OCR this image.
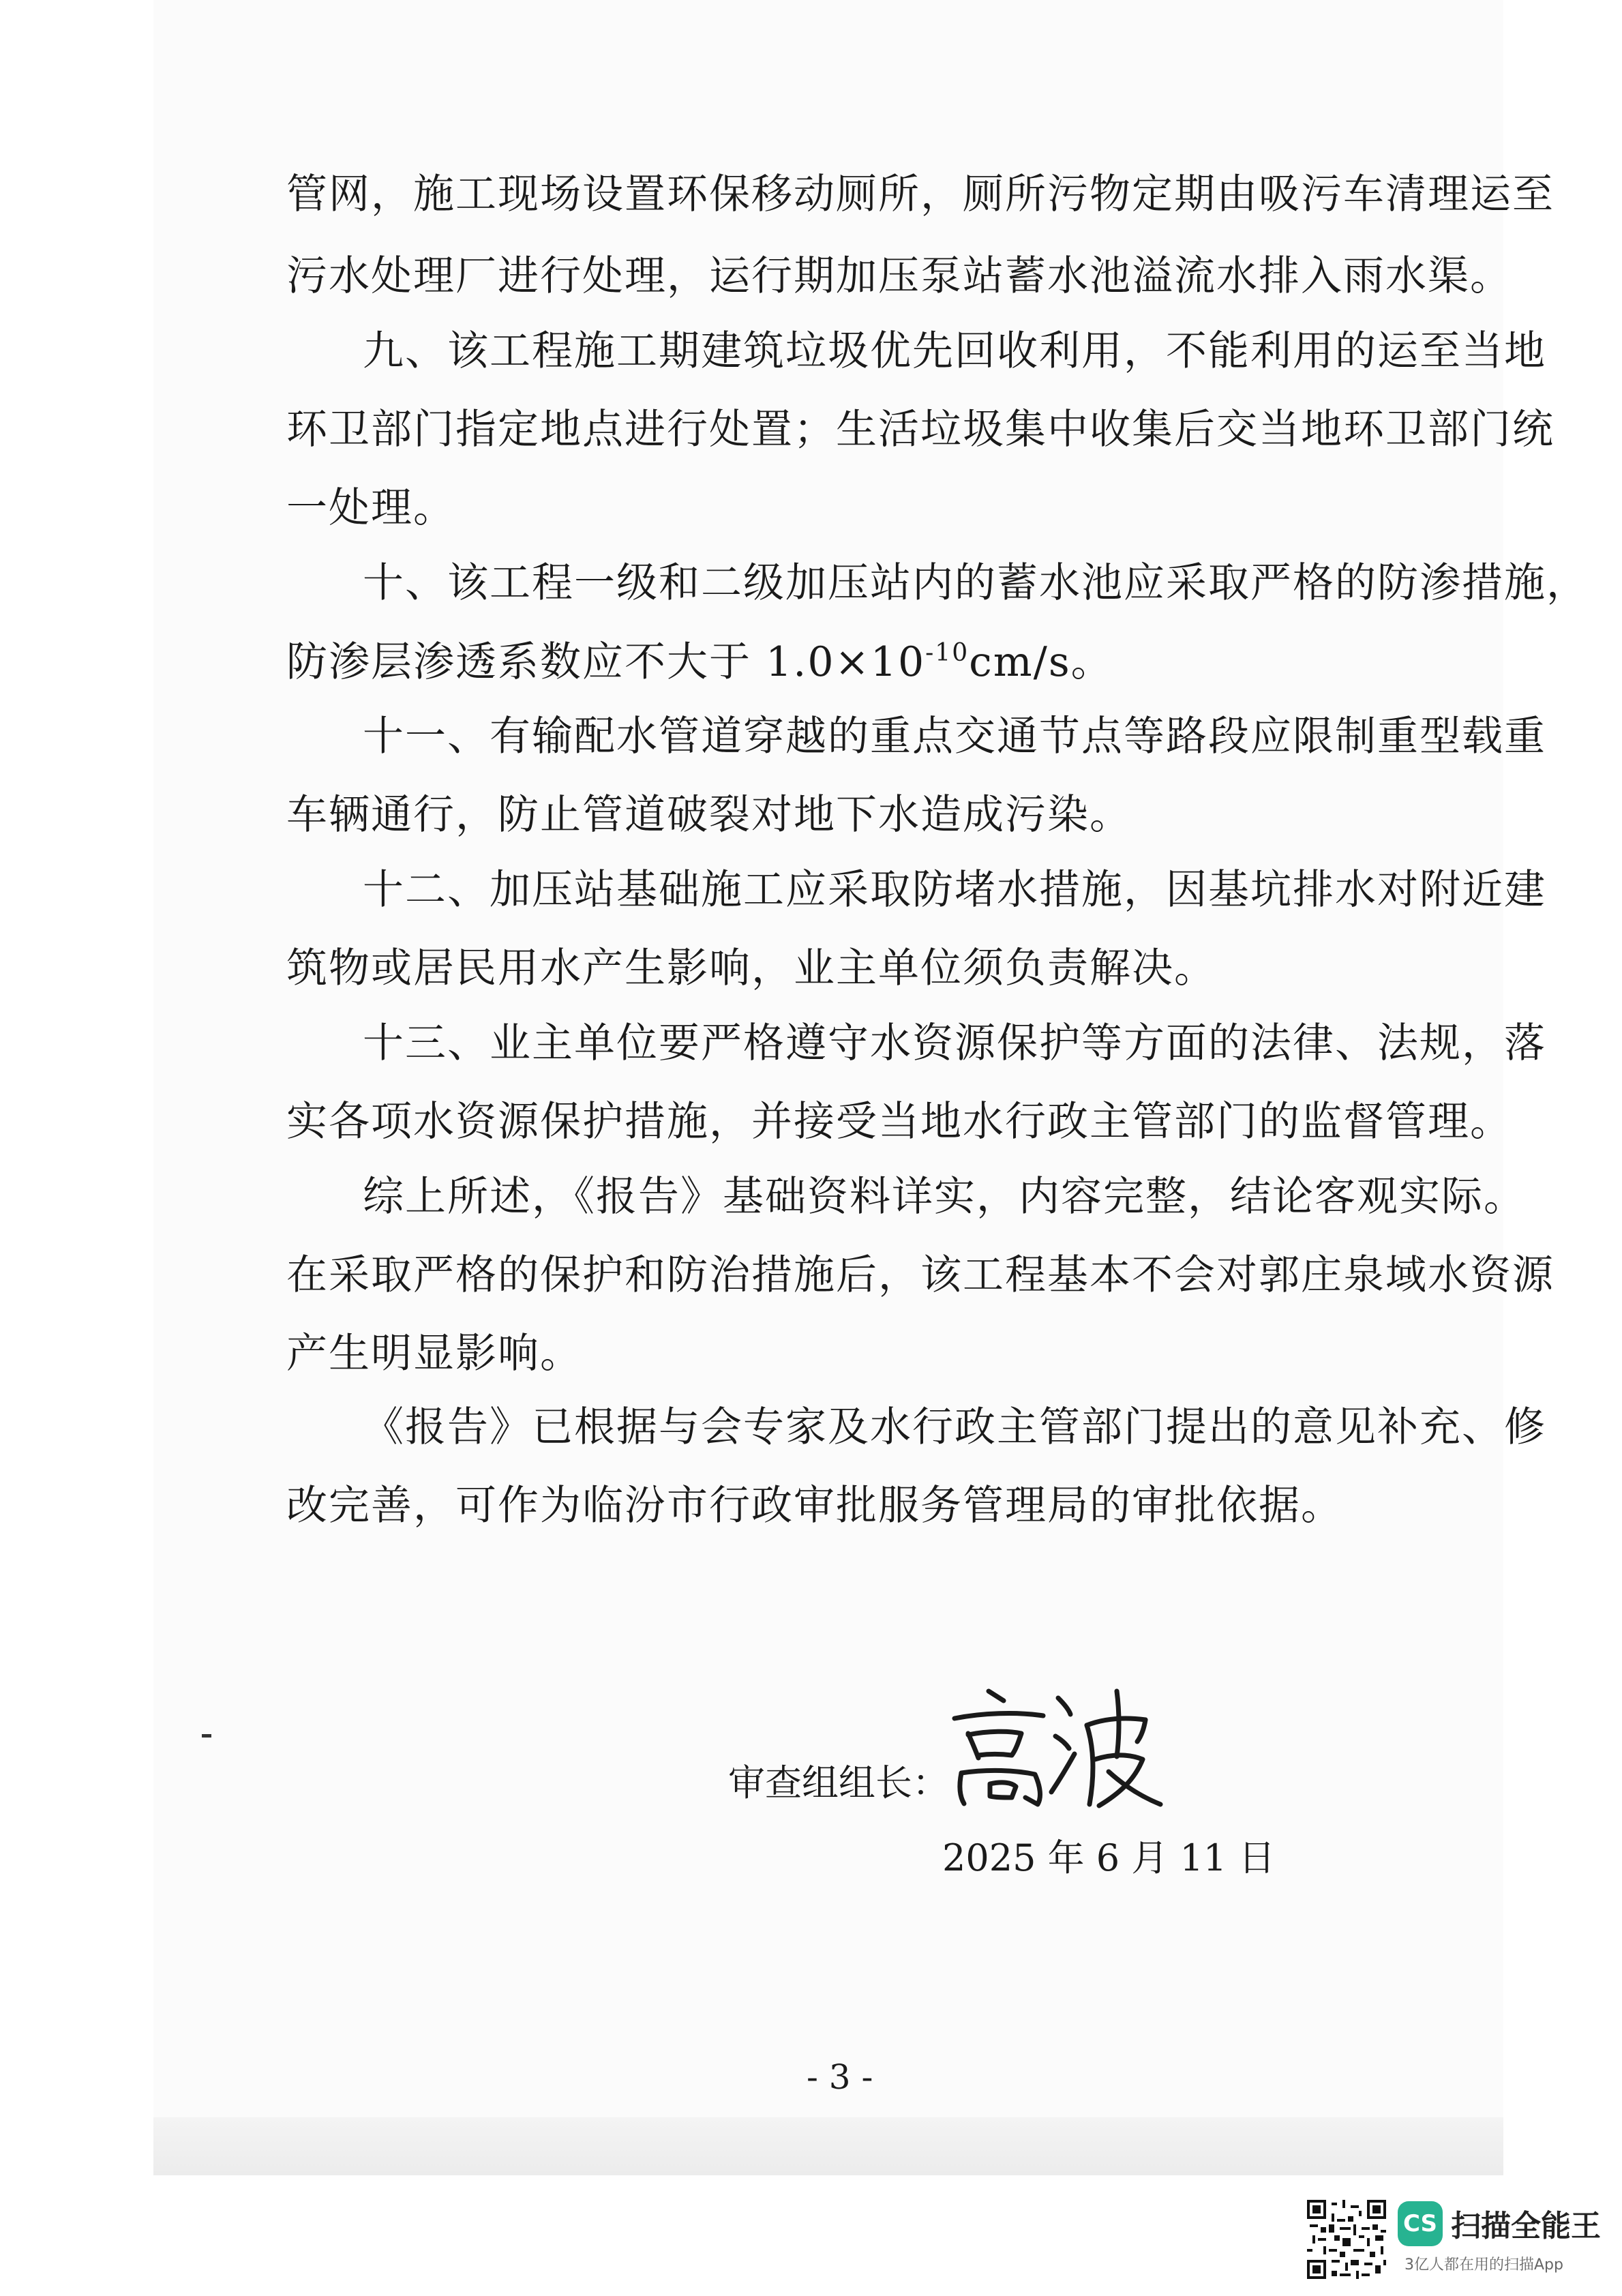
管网，施工现场设置环保移动厕所，厕所污物定期由吸污车清理运至

污水处理厂进行处理，运行期加压泵站蓄水池溢流水排入雨水渠。

九、该工程施工期建筑垃圾优先回收利用，不能利用的运至当地

环卫部门指定地点进行处置；生活垃圾集中收集后交当地环卫部门统

一处理。

十、该工程一级和二级加压站内的蓄水池应采取严格的防渗措施，

防渗层渗透系数应不大于 $1.0\times 10^{-10}cm/s$。

十一、有输配水管道穿越的重点交通节点等路段应限制重型载重

车辆通行，防止管道破裂对地下水造成污染。

十二、加压站基础施工应采取防堵水措施，因基坑排水对附近建

筑物或居民用水产生影响，业主单位须负责解决。

十三、业主单位要严格遵守水资源保护等方面的法律、法规，落

实各项水资源保护措施，并接受当地水行政主管部门的监督管理。

综上所述，《报告》基础资料详实，内容完整，结论客观实际。

在采取严格的保护和防治措施后，该工程基本不会对郭庄泉域水资源

产生明显影响。

《报告》已根据与会专家及水行政主管部门提出的意见补充、修

改完善，可作为临汾市行政审批服务管理局的审批依据。

审查组组长：
2025 年 6 月 11 日
- 3 -
CS 扫描全能王
3亿人都在用的扫描App
